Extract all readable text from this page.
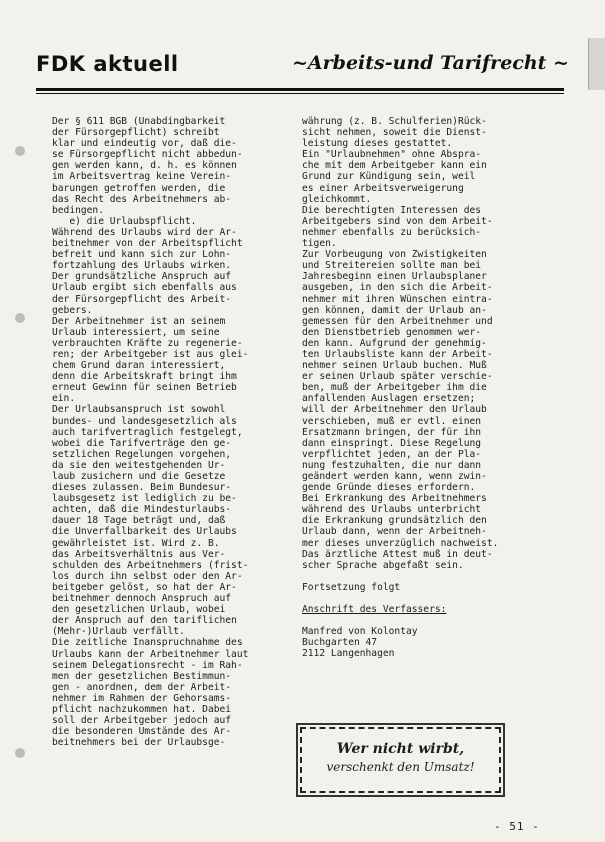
FDK aktuell	~Arbeits-und Tarifrecht ~
Der § 611 BGB (Unabdingbarkeit
der Fürsorgepflicht) schreibt
klar und eindeutig vor, daß die-
se Fürsorgepflicht nicht abbedun-
gen werden kann, d. h. es können
im Arbeitsvertrag keine Verein-
barungen getroffen werden, die
das Recht des Arbeitnehmers ab-
bedingen.
e) die Urlaubspflicht.
Während des Urlaubs wird der Ar-
beitnehmer von der Arbeitspflicht
befreit und kann sich zur Lohn-
fortzahlung des Urlaubs wirken.
Der grundsätzliche Anspruch auf
Urlaub ergibt sich ebenfalls aus
der Fürsorgepflicht des Arbeit-
gebers.
Der Arbeitnehmer ist an seinem
Urlaub interessiert, um seine
verbrauchten Kräfte zu regenerie-
ren; der Arbeitgeber ist aus glei-
chem Grund daran interessiert,
denn die Arbeitskraft bringt ihm
erneut Gewinn für seinen Betrieb
ein.
Der Urlaubsanspruch ist sowohl
bundes- und landesgesetzlich als
auch tarifvertraglich festgelegt,
wobei die Tarifverträge den ge-
setzlichen Regelungen vorgehen,
da sie den weitestgehenden Ur-
laub zusichern und die Gesetze
dieses zulassen. Beim Bundesur-
laubsgesetz ist lediglich zu be-
achten, daß die Mindesturlaubs-
dauer 18 Tage beträgt und, daß
die Unverfallbarkeit des Urlaubs
gewährleistet ist. Wird z. B.
das Arbeitsverhältnis aus Ver-
schulden des Arbeitnehmers (frist-
los durch ihn selbst oder den Ar-
beitgeber gelöst, so hat der Ar-
beitnehmer dennoch Anspruch auf
den gesetzlichen Urlaub, wobei
der Anspruch auf den tariflichen
(Mehr-)Urlaub verfällt.
Die zeitliche Inanspruchnahme des
Urlaubs kann der Arbeitnehmer laut
seinem Delegationsrecht - im Rah-
men der gesetzlichen Bestimmun-
gen - anordnen, dem der Arbeit-
nehmer im Rahmen der Gehorsams-
pflicht nachzukommen hat. Dabei
soll der Arbeitgeber jedoch auf
die besonderen Umstände des Ar-
beitnehmers bei der Urlaubsge-
währung (z. B. Schulferien)Rück-
sicht nehmen, soweit die Dienst-
leistung dieses gestattet.
Ein "Urlaubnehmen" ohne Abspra-
che mit dem Arbeitgeber kann ein
Grund zur Kündigung sein, weil
es einer Arbeitsverweigerung
gleichkommt.
Die berechtigten Interessen des
Arbeitgebers sind von dem Arbeit-
nehmer ebenfalls zu berücksich-
tigen.
Zur Vorbeugung von Zwistigkeiten
und Streitereien sollte man bei
Jahresbeginn einen Urlaubsplaner
ausgeben, in den sich die Arbeit-
nehmer mit ihren Wünschen eintra-
gen können, damit der Urlaub an-
gemessen für den Arbeitnehmer und
den Dienstbetrieb genommen wer-
den kann. Aufgrund der genehmig-
ten Urlaubsliste kann der Arbeit-
nehmer seinen Urlaub buchen. Muß
er seinen Urlaub später verschie-
ben, muß der Arbeitgeber ihm die
anfallenden Auslagen ersetzen;
will der Arbeitnehmer den Urlaub
verschieben, muß er evtl. einen
Ersatzmann bringen, der für ihn
dann einspringt. Diese Regelung
verpflichtet jeden, an der Pla-
nung festzuhalten, die nur dann
geändert werden kann, wenn zwin-
gende Gründe dieses erfordern.
Bei Erkrankung des Arbeitnehmers
während des Urlaubs unterbricht
die Erkrankung grundsätzlich den
Urlaub dann, wenn der Arbeitneh-
mer dieses unverzüglich nachweist.
Das ärztliche Attest muß in deut-
scher Sprache abgefaßt sein.
Fortsetzung folgt
Anschrift des Verfassers:
Manfred von Kolontay
Buchgarten 47
2112 Langenhagen
Wer nicht wirbt,
verschenkt den Umsatz!
- 51 -
